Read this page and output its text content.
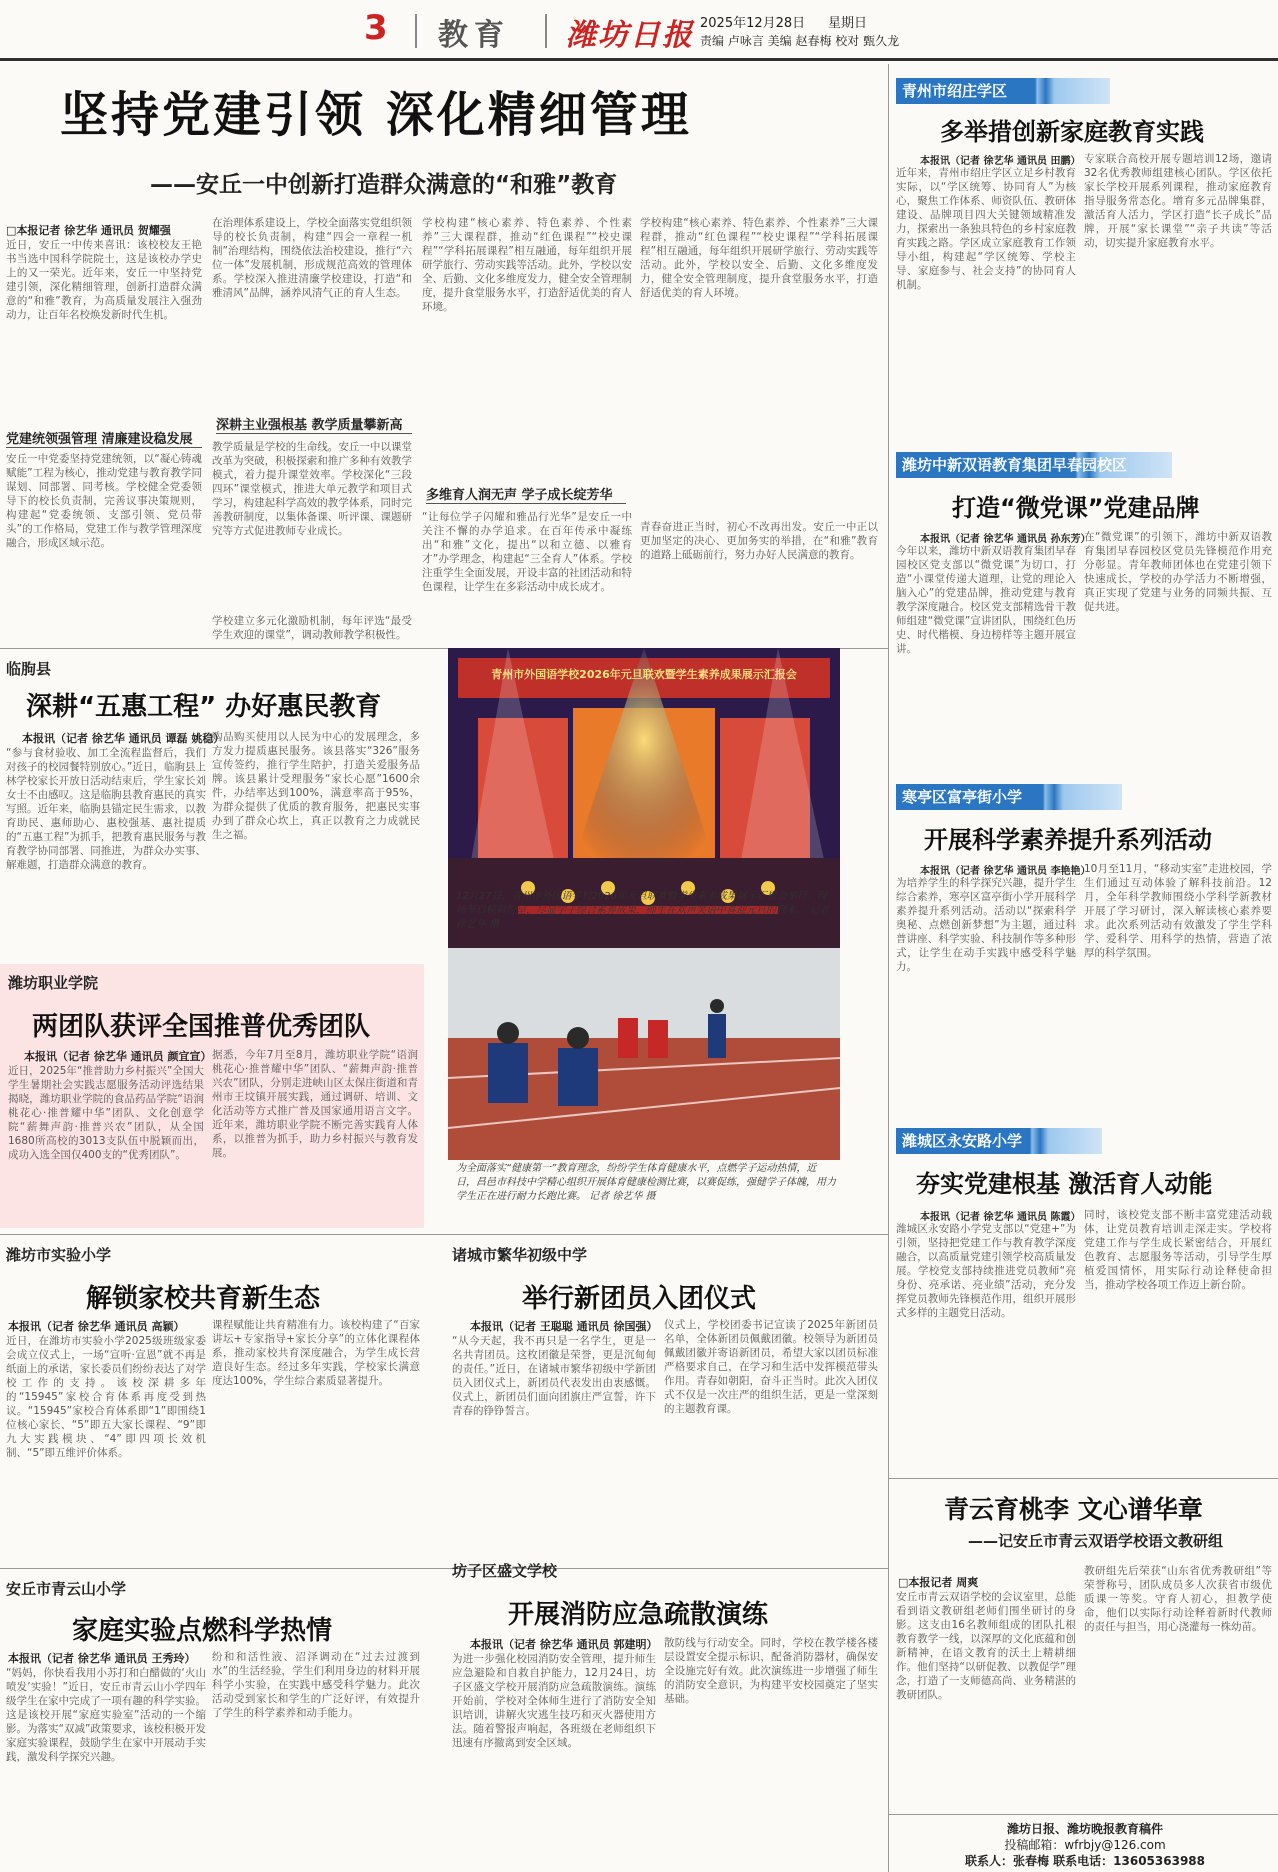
3 教育 潍坊日报 2025年12月28日 星期日
责编 卢咏言 美编 赵春梅 校对 甄久龙
坚持党建引领 深化精细管理
——安丘一中创新打造群众满意的“和雅”教育
□本报记者 徐艺华 通讯员 贺耀强
近日，安丘一中传来喜讯：该校校友王艳书当选中国科学院院士，这是该校办学史上的又一荣光。近年来，安丘一中坚持党建引领，深化精细管理，创新打造群众满意的“和雅”教育，为高质量发展注入强劲动力，让百年名校焕发新时代生机。
党建统领强管理 清廉建设稳发展
安丘一中党委坚持党建统领，以“凝心铸魂赋能”工程为核心，推动党建与教育教学同谋划、同部署、同考核。学校健全党委领导下的校长负责制，完善议事决策规则，构建起“党委统领、支部引领、党员带头”的工作格局，党建工作与教学管理深度融合，形成区域示范。
在治理体系建设上，学校全面落实党组织领导的校长负责制，构建“四会一章程一机制”治理结构，围绕依法治校建设，推行“六位一体”发展机制，形成规范高效的管理体系。学校深入推进清廉学校建设，打造“和雅清风”品牌，涵养风清气正的育人生态。
深耕主业强根基 教学质量攀新高
教学质量是学校的生命线。安丘一中以课堂改革为突破，积极探索和推广多种有效教学模式，着力提升课堂效率。学校深化“三段四环”课堂模式，推进大单元教学和项目式学习，构建起科学高效的教学体系，同时完善教研制度，以集体备课、听评课、课题研究等方式促进教师专业成长。
学校建立多元化激励机制，每年评选“最受学生欢迎的课堂”，调动教师教学积极性。
学校构建“核心素养、特色素养、个性素养”三大课程群，推动“红色课程”“校史课程”“学科拓展课程”相互融通，每年组织开展研学旅行、劳动实践等活动。此外，学校以安全、后勤、文化多维度发力，健全安全管理制度，提升食堂服务水平，打造舒适优美的育人环境。
多维育人润无声 学子成长绽芳华
“让每位学子闪耀和雅品行光华”是安丘一中关注不懈的办学追求。在百年传承中凝练出“和雅”文化，提出“以和立德、以雅育才”办学理念，构建起“三全育人”体系。学校注重学生全面发展，开设丰富的社团活动和特色课程，让学生在多彩活动中成长成才。
学校构建“核心素养、特色素养、个性素养”三大课程群，推动“红色课程”“校史课程”“学科拓展课程”相互融通，每年组织开展研学旅行、劳动实践等活动。此外，学校以安全、后勤、文化多维度发力，健全安全管理制度，提升食堂服务水平，打造舒适优美的育人环境。
青春奋进正当时，初心不改再出发。安丘一中正以更加坚定的决心、更加务实的举措，在“和雅”教育的道路上砥砺前行，努力办好人民满意的教育。
临朐县
深耕“五惠工程” 办好惠民教育
本报讯（记者 徐艺华 通讯员 谭磊 姚稳）
“参与食材验收、加工全流程监督后，我们对孩子的校园餐特别放心。”近日，临朐县上林学校家长开放日活动结束后，学生家长刘女士不由感叹。这是临朐县教育惠民的真实写照。近年来，临朐县锚定民生需求，以教育助民、惠师助心、惠校强基、惠社提质的“五惠工程”为抓手，把教育惠民服务与教育教学协同部署、同推进，为群众办实事、解难题，打造群众满意的教育。
购品购买使用以人民为中心的发展理念，多方发力提质惠民服务。该县落实“326”服务宣传签约，推行学生陪护，打造关爱服务品牌。该县累计受理服务“家长心愿”1600余件，办结率达到100%，满意率高于95%，为群众提供了优质的教育服务，把惠民实事办到了群众心坎上，真正以教育之力成就民生之福。
潍坊职业学院
两团队获评全国推普优秀团队
本报讯（记者 徐艺华 通讯员 颜宜宣）
近日，2025年“推普助力乡村振兴”全国大学生暑期社会实践志愿服务活动评选结果揭晓，潍坊职业学院的食品药品学院“语润桃花心·推普耀中华”团队、文化创意学院“薪舞声韵·推普兴农”团队，从全国1680所高校的3013支队伍中脱颖而出，成功入选全国仅400支的“优秀团队”。
据悉，今年7月至8月，潍坊职业学院“语润桃花心·推普耀中华”团队、“薪舞声韵·推普兴农”团队，分别走进峡山区太保庄街道和青州市王坟镇开展实践，通过调研、培训、文化活动等方式推广普及国家通用语言文字。近年来，潍坊职业学院不断完善实践育人体系，以推普为抓手，助力乡村振兴与教育发展。
青州市外国语学校2026年元旦联欢暨学生素养成果展示汇报会
12月27日，青州市外国语学校2026年元旦联欢暨学生素养成果展示汇报会举行。现场节目精彩纷呈，尽显学子综合素养成果，师生在欢声笑语中喜迎元旦的到来。 记者 徐艺华 摄
为全面落实“健康第一”教育理念，纷纷学生体育健康水平，点燃学子运动热情，近日，昌邑市科技中学精心组织开展体育健康检测比赛，以赛促练，强健学子体魄，用力学生正在进行耐力长跑比赛。 记者 徐艺华 摄
潍坊市实验小学
解锁家校共育新生态
本报讯（记者 徐艺华 通讯员 高颖）
近日，在潍坊市实验小学2025级班级家委会成立仪式上，一场“宣听·宣恩”就不再是纸面上的承诺，家长委员们纷纷表达了对学校工作的支持。该校深耕多年的“15945”家校合育体系再度受到热议。“15945”家校合育体系即“1”即围绕1位核心家长、“5”即五大家长课程、“9”即九大实践模块、“4”即四项长效机制、“5”即五维评价体系。
课程赋能让共育精准有力。该校构建了“百家讲坛+专家指导+家长分享”的立体化课程体系，推动家校共育深度融合，为学生成长营造良好生态。经过多年实践，学校家长满意度达100%，学生综合素质显著提升。
诸城市繁华初级中学
举行新团员入团仪式
本报讯（记者 王聪聪 通讯员 徐国强）
“从今天起，我不再只是一名学生，更是一名共青团员。这枚团徽是荣誉，更是沉甸甸的责任。”近日，在诸城市繁华初级中学新团员入团仪式上，新团员代表发出由衷感慨。仪式上，新团员们面向团旗庄严宣誓，许下青春的铮铮誓言。
仪式上，学校团委书记宣读了2025年新团员名单，全体新团员佩戴团徽。校领导为新团员佩戴团徽并寄语新团员，希望大家以团员标准严格要求自己，在学习和生活中发挥模范带头作用。青春如朝阳，奋斗正当时。此次入团仪式不仅是一次庄严的组织生活，更是一堂深刻的主题教育课。
安丘市青云山小学
家庭实验点燃科学热情
本报讯（记者 徐艺华 通讯员 王秀玲）
“妈妈，你快看我用小苏打和白醋做的‘火山喷发’实验！”近日，安丘市青云山小学四年级学生在家中完成了一项有趣的科学实验。这是该校开展“家庭实验室”活动的一个缩影。为落实“双减”政策要求，该校积极开发家庭实验课程，鼓励学生在家中开展动手实践，激发科学探究兴趣。
纷和和活性液、沼泽调动在“过去过渡到水”的生活经验，学生们利用身边的材料开展科学小实验，在实践中感受科学魅力。此次活动受到家长和学生的广泛好评，有效提升了学生的科学素养和动手能力。
坊子区盛文学校
开展消防应急疏散演练
本报讯（记者 徐艺华 通讯员 郭建明）
为进一步强化校园消防安全管理，提升师生应急避险和自救自护能力，12月24日，坊子区盛文学校开展消防应急疏散演练。演练开始前，学校对全体师生进行了消防安全知识培训，讲解火灾逃生技巧和灭火器使用方法。随着警报声响起，各班级在老师组织下迅速有序撤离到安全区域。
散防线与行动安全。同时，学校在教学楼各楼层设置安全提示标识，配备消防器材，确保安全设施完好有效。此次演练进一步增强了师生的消防安全意识，为构建平安校园奠定了坚实基础。
青州市绍庄学区
多举措创新家庭教育实践
本报讯（记者 徐艺华 通讯员 田鹏）
近年来，青州市绍庄学区立足乡村教育实际，以“学区统筹、协同育人”为核心，聚焦工作体系、师资队伍、教研体建设、品牌项目四大关键领域精准发力，探索出一条独具特色的乡村家庭教育实践之路。学区成立家庭教育工作领导小组，构建起“学区统筹、学校主导、家庭参与、社会支持”的协同育人机制。
专家联合高校开展专题培训12场，邀请32名优秀教师组建核心团队。学区依托家长学校开展系列课程，推动家庭教育指导服务常态化。增育多元品牌集群，激活育人活力，学区打造“长子成长”品牌，开展“家长课堂”“亲子共读”等活动，切实提升家庭教育水平。
潍坊中新双语教育集团早春园校区
打造“微党课”党建品牌
本报讯（记者 徐艺华 通讯员 孙东芳）
今年以来，潍坊中新双语教育集团早春园校区党支部以“微党课”为切口，打造“小课堂传递大道理，让党的理论入脑入心”的党建品牌，推动党建与教育教学深度融合。校区党支部精选骨干教师组建“微党课”宣讲团队，围绕红色历史、时代楷模、身边榜样等主题开展宣讲。
在“微党课”的引领下，潍坊中新双语教育集团早春园校区党员先锋模范作用充分彰显。青年教师团体也在党建引领下快速成长，学校的办学活力不断增强，真正实现了党建与业务的同频共振、互促共进。
寒亭区富亭街小学
开展科学素养提升系列活动
本报讯（记者 徐艺华 通讯员 李艳艳）
为培养学生的科学探究兴趣，提升学生综合素养，寒亭区富亭街小学开展科学素养提升系列活动。活动以“探索科学奥秘、点燃创新梦想”为主题，通过科普讲座、科学实验、科技制作等多种形式，让学生在动手实践中感受科学魅力。
10月至11月，“移动实室”走进校园，学生们通过互动体验了解科技前沿。12月，全年科学教师围绕小学科学新教材开展了学习研讨，深入解读核心素养要求。此次系列活动有效激发了学生学科学、爱科学、用科学的热情，营造了浓厚的科学氛围。
潍城区永安路小学
夯实党建根基 激活育人动能
本报讯（记者 徐艺华 通讯员 陈霞）
潍城区永安路小学党支部以“党建+”为引领，坚持把党建工作与教育教学深度融合，以高质量党建引领学校高质量发展。学校党支部持续推进党员教师“亮身份、亮承诺、亮业绩”活动，充分发挥党员教师先锋模范作用，组织开展形式多样的主题党日活动。
同时，该校党支部不断丰富党建活动载体，让党员教育培训走深走实。学校将党建工作与学生成长紧密结合，开展红色教育、志愿服务等活动，引导学生厚植爱国情怀，用实际行动诠释使命担当，推动学校各项工作迈上新台阶。
青云育桃李 文心谱华章
——记安丘市青云双语学校语文教研组
□本报记者 周爽
安丘市青云双语学校的会议室里，总能看到语文教研组老师们围坐研讨的身影。这支由16名教师组成的团队扎根教育教学一线，以深厚的文化底蕴和创新精神，在语文教育的沃土上精耕细作。他们坚持“以研促教、以教促学”理念，打造了一支师德高尚、业务精湛的教研团队。
教研组先后荣获“山东省优秀教研组”等荣誉称号，团队成员多人次获省市级优质课一等奖。守育人初心，担教学使命，他们以实际行动诠释着新时代教师的责任与担当，用心浇灌每一株幼苗。
潍坊日报、潍坊晚报教育稿件
投稿邮箱：wfrbjy@126.com
联系人：张春梅 联系电话：13605363988
